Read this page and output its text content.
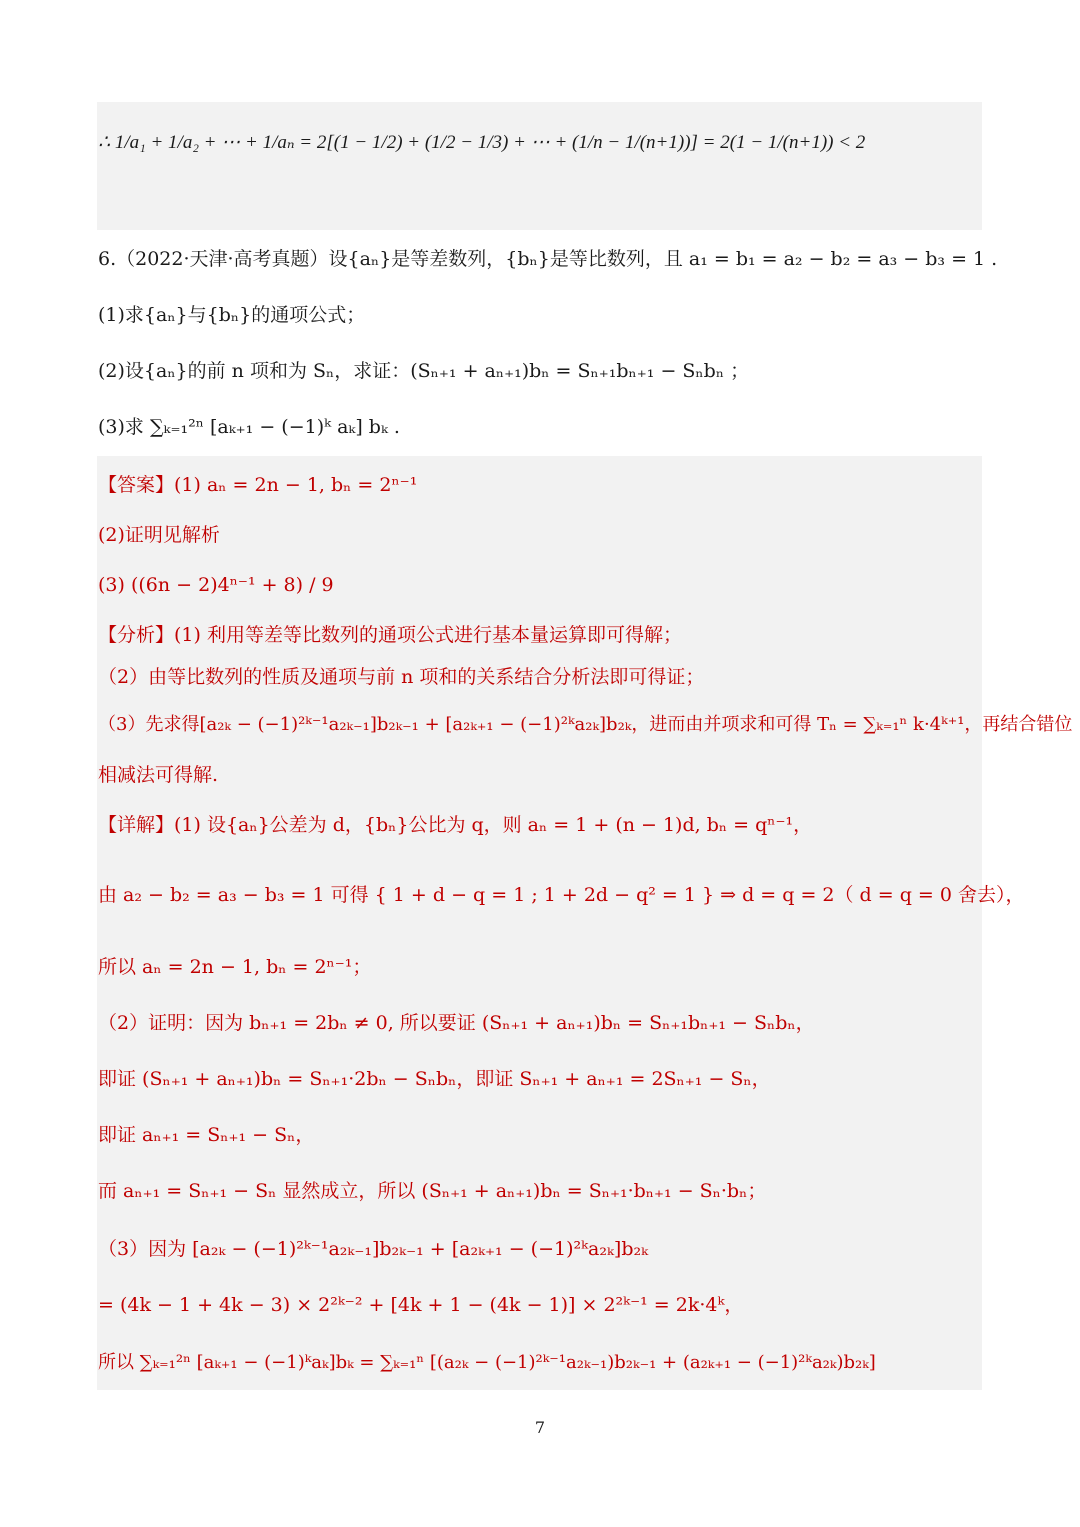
∴ 1/a₁ + 1/a₂ + ⋯ + 1/aₙ = 2[(1 − 1/2) + (1/2 − 1/3) + ⋯ + (1/n − 1/(n+1))] = 2(1 − 1/(n+1)) < 2
6.（2022·天津·高考真题）设{aₙ}是等差数列，{bₙ}是等比数列，且 a₁ = b₁ = a₂ − b₂ = a₃ − b₃ = 1 .
(1)求{aₙ}与{bₙ}的通项公式；
(2)设{aₙ}的前 n 项和为 Sₙ，求证：(Sₙ₊₁ + aₙ₊₁)bₙ = Sₙ₊₁bₙ₊₁ − Sₙbₙ ；
(3)求 ∑ₖ₌₁²ⁿ [aₖ₊₁ − (−1)ᵏ aₖ] bₖ .
【答案】(1) aₙ = 2n − 1, bₙ = 2ⁿ⁻¹
(2)证明见解析
(3) ((6n − 2)4ⁿ⁻¹ + 8) / 9
【分析】(1) 利用等差等比数列的通项公式进行基本量运算即可得解；
（2）由等比数列的性质及通项与前 n 项和的关系结合分析法即可得证；
（3）先求得[a₂ₖ − (−1)²ᵏ⁻¹a₂ₖ₋₁]b₂ₖ₋₁ + [a₂ₖ₊₁ − (−1)²ᵏa₂ₖ]b₂ₖ，进而由并项求和可得 Tₙ = ∑ₖ₌₁ⁿ k·4ᵏ⁺¹，再结合错位
相减法可得解.
【详解】(1) 设{aₙ}公差为 d，{bₙ}公比为 q，则 aₙ = 1 + (n − 1)d, bₙ = qⁿ⁻¹，
由 a₂ − b₂ = a₃ − b₃ = 1 可得 { 1 + d − q = 1 ; 1 + 2d − q² = 1 } ⇒ d = q = 2（ d = q = 0 舍去），
所以 aₙ = 2n − 1, bₙ = 2ⁿ⁻¹；
（2）证明：因为 bₙ₊₁ = 2bₙ ≠ 0, 所以要证 (Sₙ₊₁ + aₙ₊₁)bₙ = Sₙ₊₁bₙ₊₁ − Sₙbₙ，
即证 (Sₙ₊₁ + aₙ₊₁)bₙ = Sₙ₊₁·2bₙ − Sₙbₙ，即证 Sₙ₊₁ + aₙ₊₁ = 2Sₙ₊₁ − Sₙ，
即证 aₙ₊₁ = Sₙ₊₁ − Sₙ，
而 aₙ₊₁ = Sₙ₊₁ − Sₙ 显然成立，所以 (Sₙ₊₁ + aₙ₊₁)bₙ = Sₙ₊₁·bₙ₊₁ − Sₙ·bₙ；
（3）因为 [a₂ₖ − (−1)²ᵏ⁻¹a₂ₖ₋₁]b₂ₖ₋₁ + [a₂ₖ₊₁ − (−1)²ᵏa₂ₖ]b₂ₖ
= (4k − 1 + 4k − 3) × 2²ᵏ⁻² + [4k + 1 − (4k − 1)] × 2²ᵏ⁻¹ = 2k·4ᵏ，
所以 ∑ₖ₌₁²ⁿ [aₖ₊₁ − (−1)ᵏaₖ]bₖ = ∑ₖ₌₁ⁿ [(a₂ₖ − (−1)²ᵏ⁻¹a₂ₖ₋₁)b₂ₖ₋₁ + (a₂ₖ₊₁ − (−1)²ᵏa₂ₖ)b₂ₖ]
7
